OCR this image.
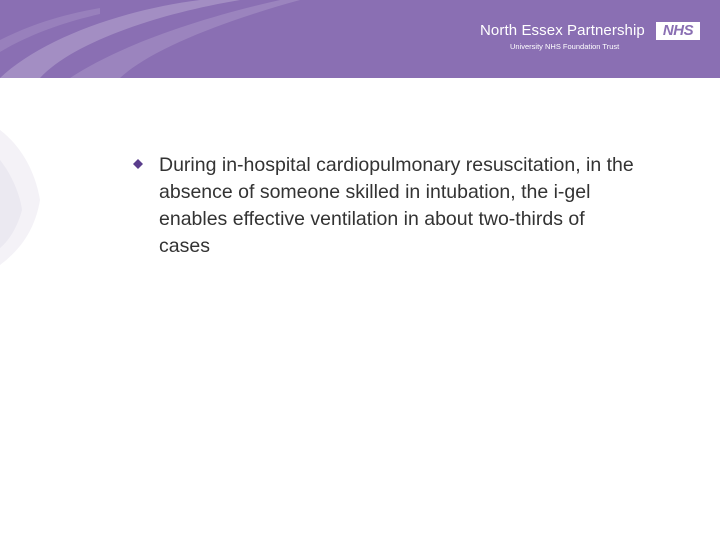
North Essex Partnership
University NHS Foundation Trust
NHS
During in-hospital cardiopulmonary resuscitation, in the absence of someone skilled in intubation, the i-gel enables effective ventilation in about two-thirds of cases
